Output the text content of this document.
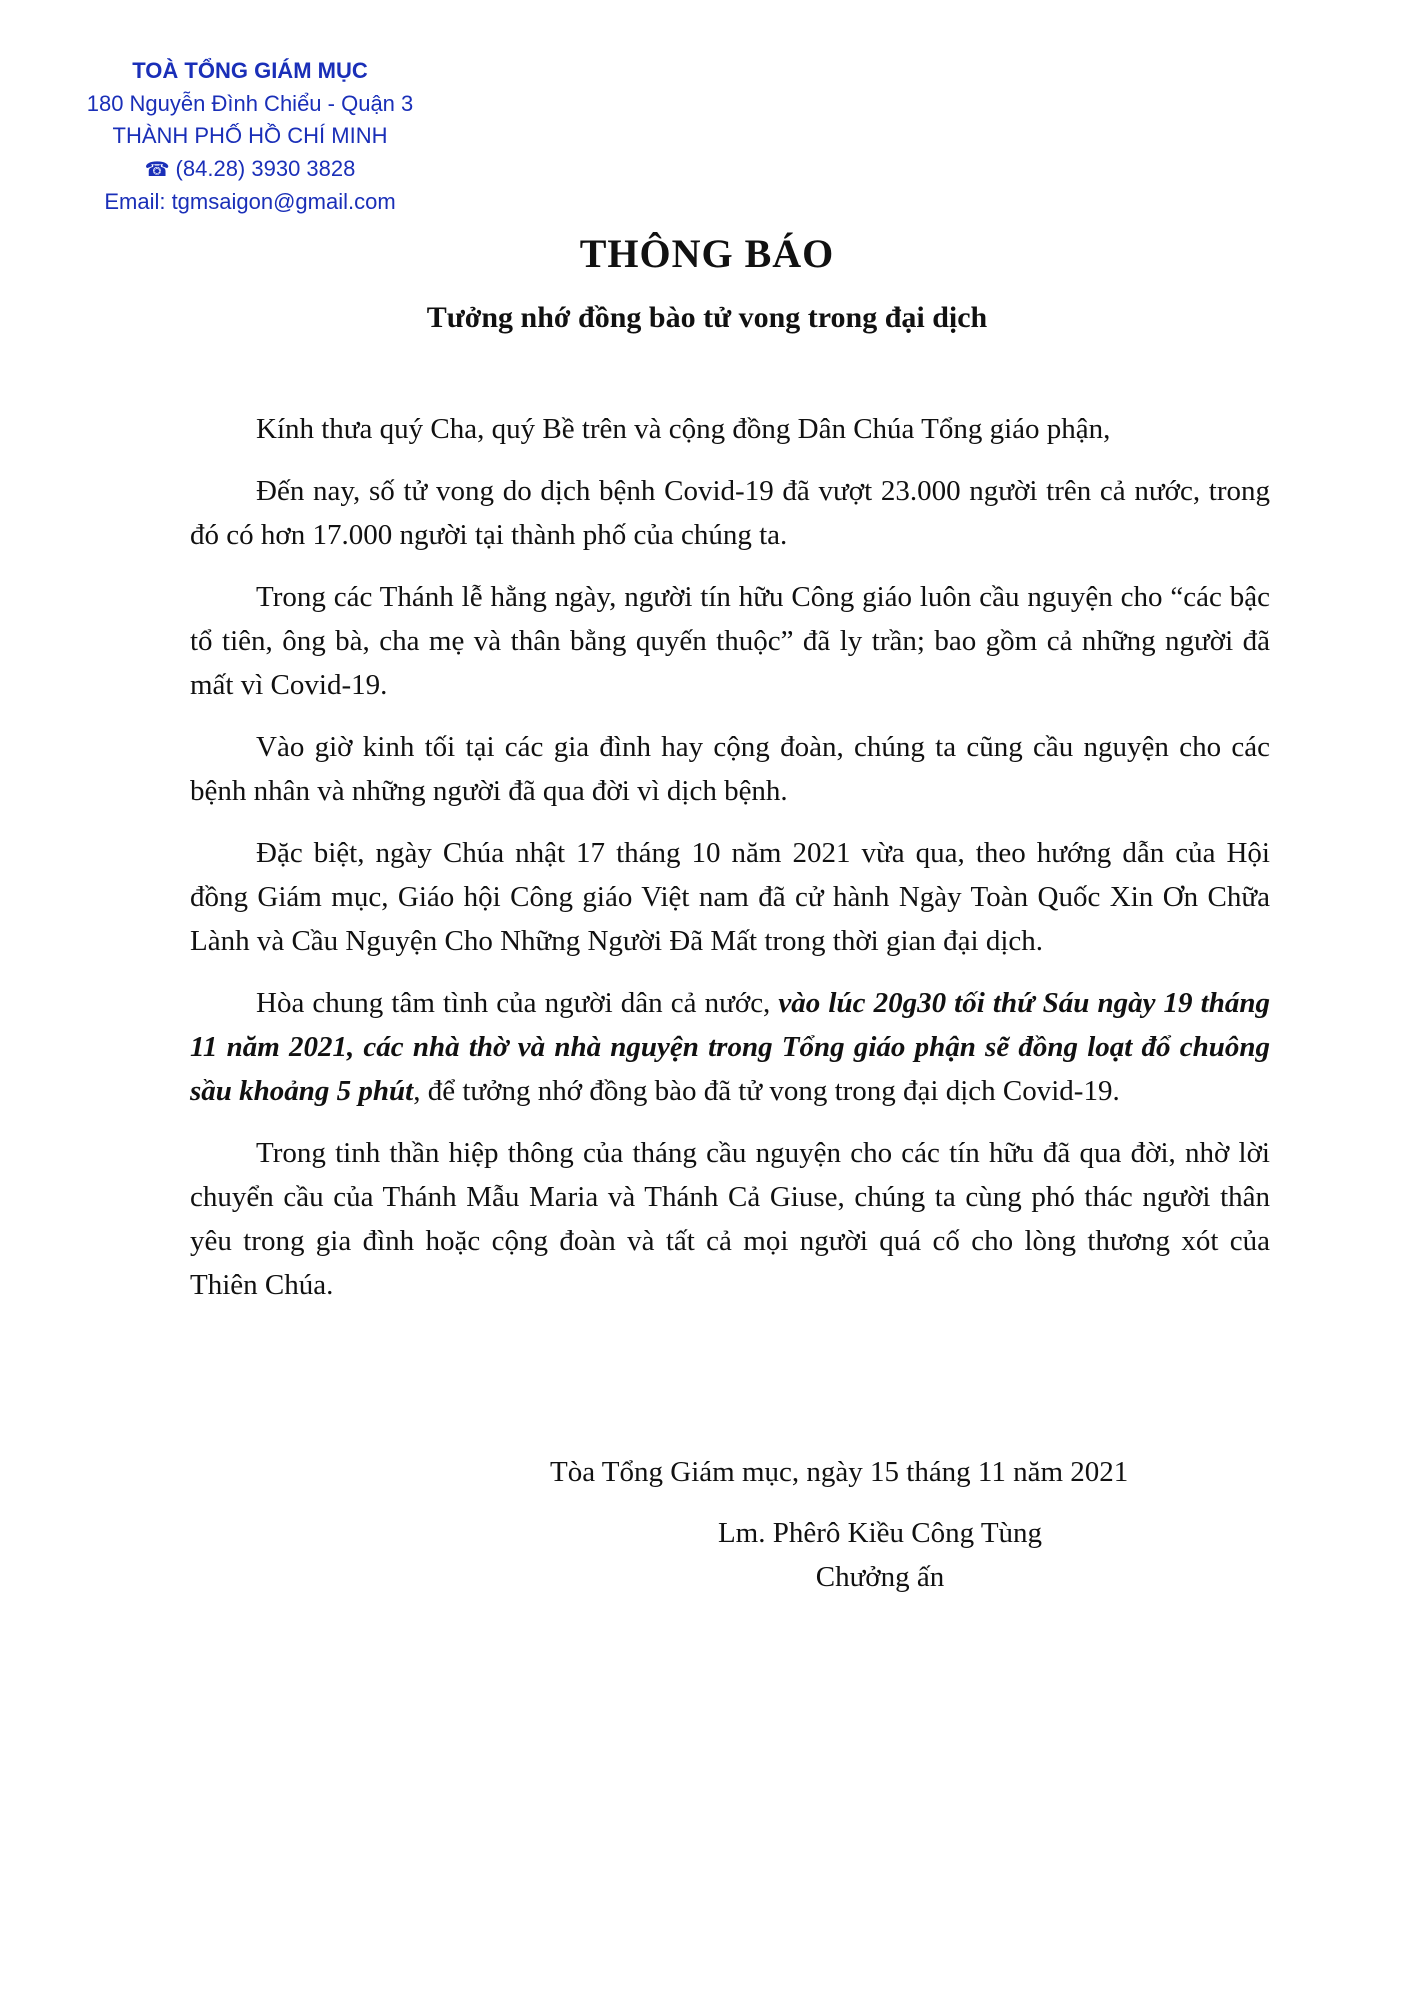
TOÀ TỔNG GIÁM MỤC
180 Nguyễn Đình Chiểu - Quận 3
THÀNH PHỐ HỒ CHÍ MINH
☎ (84.28) 3930 3828
Email: tgmsaigon@gmail.com
THÔNG BÁO
Tưởng nhớ đồng bào tử vong trong đại dịch

Kính thưa quý Cha, quý Bề trên và cộng đồng Dân Chúa Tổng giáo phận,

Đến nay, số tử vong do dịch bệnh Covid-19 đã vượt 23.000 người trên cả nước, trong đó có hơn 17.000 người tại thành phố của chúng ta.

Trong các Thánh lễ hằng ngày, người tín hữu Công giáo luôn cầu nguyện cho “các bậc tổ tiên, ông bà, cha mẹ và thân bằng quyến thuộc” đã ly trần; bao gồm cả những người đã mất vì Covid-19.

Vào giờ kinh tối tại các gia đình hay cộng đoàn, chúng ta cũng cầu nguyện cho các bệnh nhân và những người đã qua đời vì dịch bệnh.

Đặc biệt, ngày Chúa nhật 17 tháng 10 năm 2021 vừa qua, theo hướng dẫn của Hội đồng Giám mục, Giáo hội Công giáo Việt nam đã cử hành Ngày Toàn Quốc Xin Ơn Chữa Lành và Cầu Nguyện Cho Những Người Đã Mất trong thời gian đại dịch.

Hòa chung tâm tình của người dân cả nước, vào lúc 20g30 tối thứ Sáu ngày 19 tháng 11 năm 2021, các nhà thờ và nhà nguyện trong Tổng giáo phận sẽ đồng loạt đổ chuông sầu khoảng 5 phút, để tưởng nhớ đồng bào đã tử vong trong đại dịch Covid-19.

Trong tinh thần hiệp thông của tháng cầu nguyện cho các tín hữu đã qua đời, nhờ lời chuyển cầu của Thánh Mẫu Maria và Thánh Cả Giuse, chúng ta cùng phó thác người thân yêu trong gia đình hoặc cộng đoàn và tất cả mọi người quá cố cho lòng thương xót của Thiên Chúa.

Tòa Tổng Giám mục, ngày 15 tháng 11 năm 2021
Lm. Phêrô Kiều Công Tùng
Chưởng ấn
